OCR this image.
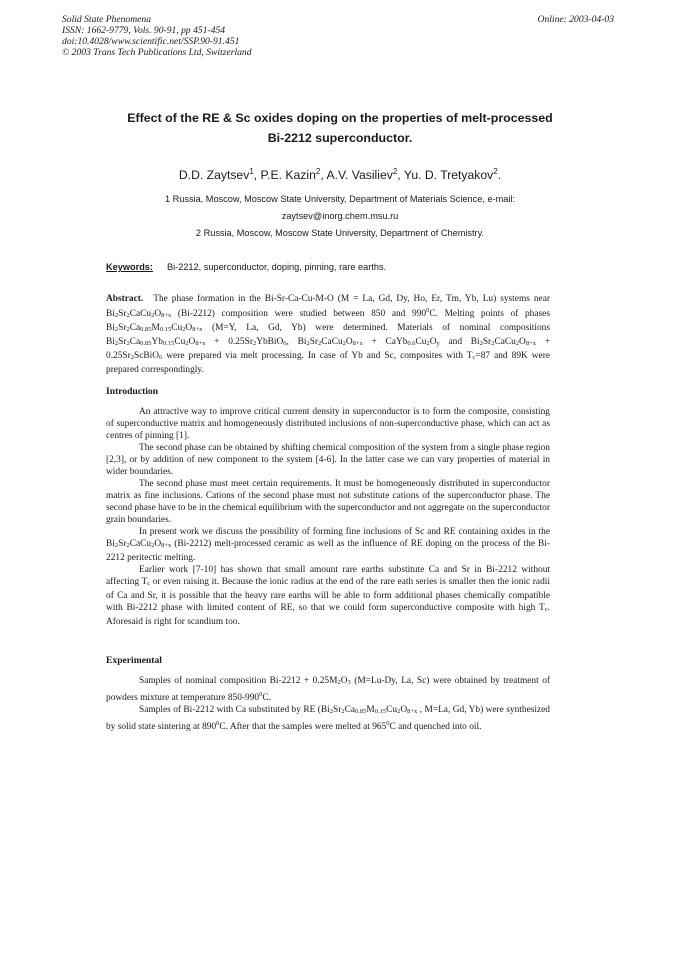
Solid State Phenomena
ISSN: 1662-9779, Vols. 90-91, pp 451-454
doi:10.4028/www.scientific.net/SSP.90-91.451
© 2003 Trans Tech Publications Ltd, Switzerland
Online: 2003-04-03
Effect of the RE & Sc oxides doping on the properties of melt-processed
Bi-2212 superconductor.
D.D. Zaytsev$^1$, P.E. Kazin$^2$, A.V. Vasiliev$^2$, Yu. D. Tretyakov$^2$.
1 Russia, Moscow, Moscow State University, Department of Materials Science, e-mail:
zaytsev@inorg.chem.msu.ru
2 Russia, Moscow, Moscow State University, Department of Chemistry.
Keywords: Bi-2212, superconductor, doping, pinning, rare earths.

Abstract. The phase formation in the Bi-Sr-Ca-Cu-M-O (M = La, Gd, Dy, Ho, Er, Tm, Yb, Lu) systems near Bi2Sr2CaCu2O8+x (Bi-2212) composition were studied between 850 and $990^0C$. Melting points of phases Bi2Sr2Ca0.85M0.15Cu2O8+x (M=Y, La, Gd, Yb) were determined. Materials of nominal compositions Bi2Sr2Ca0.85Yb0.15Cu2O8+x + 0.25Sr2YbBiO6, Bi2Sr2CaCu2O8+x + CaYb0.6Cu2Oy and Bi2Sr2CaCu2O8+x + 0.25Sr2ScBiO6 were prepared via melt processing. In case of Yb and Sc, composites with Tc=87 and 89K were prepared correspondingly.

Introduction

An attractive way to improve critical current density in superconductor is to form the composite, consisting of superconductive matrix and homogeneously distributed inclusions of non-superconductive phase, which can act as centres of pinning [1].

The second phase can be obtained by shifting chemical composition of the system from a single phase region [2,3], or by addition of new component to the system [4-6]. In the latter case we can vary properties of material in wider boundaries.

The second phase must meet certain requirements. It must be homogeneously distributed in superconductor matrix as fine inclusions. Cations of the second phase must not substitute cations of the superconductor phase. The second phase have to be in the chemical equilibrium with the superconductor and not aggregate on the superconductor grain boundaries.

In present work we discuss the possibility of forming fine inclusions of Sc and RE containing oxides in the Bi2Sr2CaCu2O8+x (Bi-2212) melt-processed ceramic as well as the influence of RE doping on the process of the Bi-2212 peritectic melting.

Earlier work [7-10] has shown that small amount rare earths substitute Ca and Sr in Bi-2212 without affecting Tc or even raising it. Because the ionic radius at the end of the rare eath series is smaller then the ionic radii of Ca and Sr, it is possible that the heavy rare earths will be able to form additional phases chemically compatible with Bi-2212 phase with limited content of RE, so that we could form superconductive composite with high Tc. Aforesaid is right for scandium too.

Experimental

Samples of nominal composition Bi-2212 + 0.25M2O3 (M=Lu-Dy, La, Sc) were obtained by treatment of powders mixture at temperature $850-990^0C$.

Samples of Bi-2212 with Ca substituted by RE (Bi2Sr2Ca0.85M0.15Cu2O8+x , M=La, Gd, Yb) were synthesized by solid state sintering at $890^0C$. After that the samples were melted at $965^0C$ and quenched into oil.
